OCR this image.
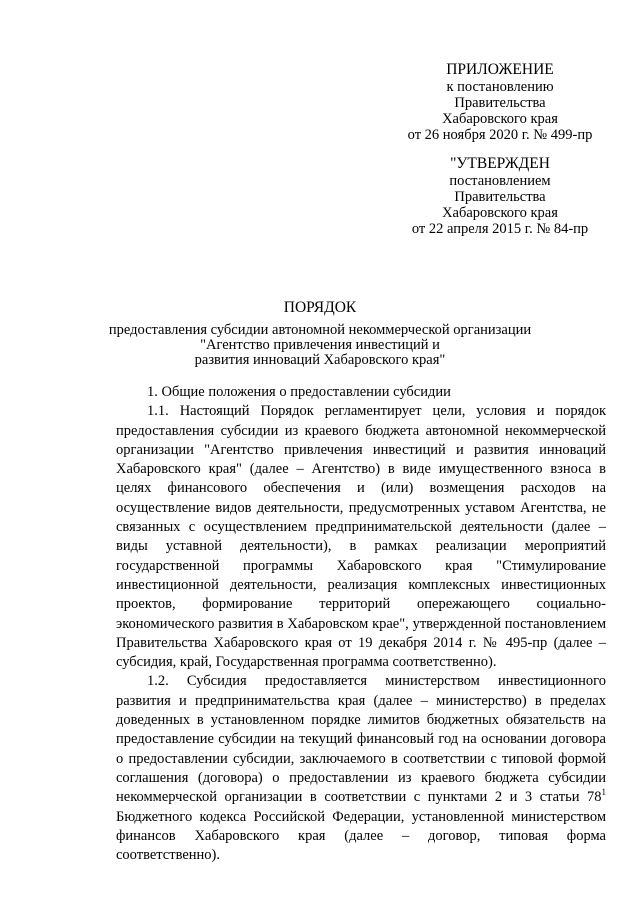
ПРИЛОЖЕНИЕ
к постановлению
Правительства
Хабаровского края
от 26 ноября 2020 г. № 499-пр
"УТВЕРЖДЕН
постановлением
Правительства
Хабаровского края
от 22 апреля 2015 г. № 84-пр
ПОРЯДОК
предоставления субсидии автономной некоммерческой организации
"Агентство привлечения инвестиций и
развития инноваций Хабаровского края"

1. Общие положения о предоставлении субсидии

1.1. Настоящий Порядок регламентирует цели, условия и порядок предоставления субсидии из краевого бюджета автономной некоммерческой организации "Агентство привлечения инвестиций и развития инноваций Хабаровского края" (далее – Агентство) в виде имущественного взноса в целях финансового обеспечения и (или) возмещения расходов на осуществление видов деятельности, предусмотренных уставом Агентства, не связанных с осуществлением предпринимательской деятельности (далее – виды уставной деятельности), в рамках реализации мероприятий государственной программы Хабаровского края "Стимулирование инвестиционной деятельности, реализация комплексных инвестиционных проектов, формирование территорий опережающего социально-экономического развития в Хабаровском крае", утвержденной постановлением Правительства Хабаровского края от 19 декабря 2014 г. № 495-пр (далее – субсидия, край, Государственная программа соответственно).

1.2. Субсидия предоставляется министерством инвестиционного развития и предпринимательства края (далее – министерство) в пределах доведенных в установленном порядке лимитов бюджетных обязательств на предоставление субсидии на текущий финансовый год на основании договора о предоставлении субсидии, заключаемого в соответствии с типовой формой соглашения (договора) о предоставлении из краевого бюджета субсидии некоммерческой организации в соответствии с пунктами 2 и 3 статьи $78^1$ Бюджетного кодекса Российской Федерации, установленной министерством финансов Хабаровского края (далее – договор, типовая форма соответственно).
